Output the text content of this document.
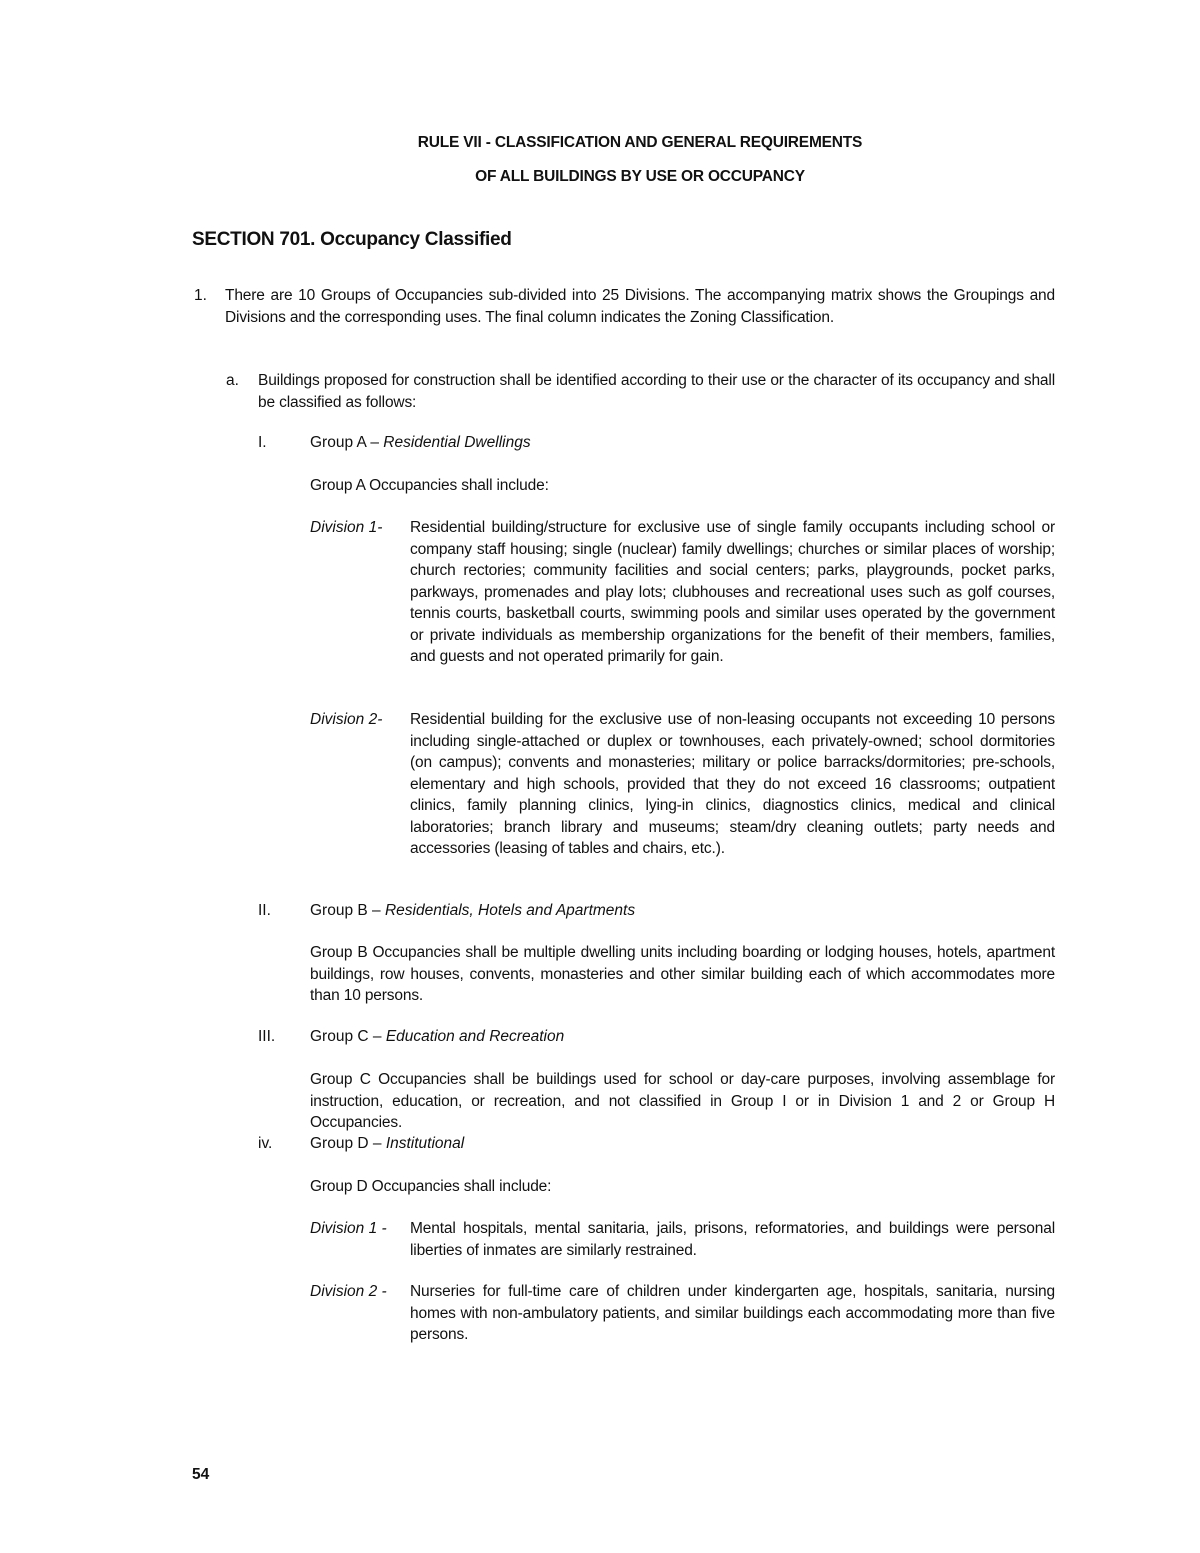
RULE VII - CLASSIFICATION AND GENERAL REQUIREMENTS
OF ALL BUILDINGS BY USE OR OCCUPANCY
SECTION 701. Occupancy Classified
1. There are 10 Groups of Occupancies sub-divided into 25 Divisions. The accompanying matrix shows the Groupings and Divisions and the corresponding uses. The final column indicates the Zoning Classification.
a. Buildings proposed for construction shall be identified according to their use or the character of its occupancy and shall be classified as follows:
I.	Group A – Residential Dwellings
Group A Occupancies shall include:
Division 1- Residential building/structure for exclusive use of single family occupants including school or company staff housing; single (nuclear) family dwellings; churches or similar places of worship; church rectories; community facilities and social centers; parks, playgrounds, pocket parks, parkways, promenades and play lots; clubhouses and recreational uses such as golf courses, tennis courts, basketball courts, swimming pools and similar uses operated by the government or private individuals as membership organizations for the benefit of their members, families, and guests and not operated primarily for gain.
Division 2- Residential building for the exclusive use of non-leasing occupants not exceeding 10 persons including single-attached or duplex or townhouses, each privately-owned; school dormitories (on campus); convents and monasteries; military or police barracks/dormitories; pre-schools, elementary and high schools, provided that they do not exceed 16 classrooms; outpatient clinics, family planning clinics, lying-in clinics, diagnostics clinics, medical and clinical laboratories; branch library and museums; steam/dry cleaning outlets; party needs and accessories (leasing of tables and chairs, etc.).
II.	Group B – Residentials, Hotels and Apartments
Group B Occupancies shall be multiple dwelling units including boarding or lodging houses, hotels, apartment buildings, row houses, convents, monasteries and other similar building each of which accommodates more than 10 persons.
III. Group C – Education and Recreation
Group C Occupancies shall be buildings used for school or day-care purposes, involving assemblage for instruction, education, or recreation, and not classified in Group I or in Division 1 and 2 or Group H Occupancies.
iv. Group D – Institutional
Group D Occupancies shall include:
Division 1 - Mental hospitals, mental sanitaria, jails, prisons, reformatories, and buildings were personal liberties of inmates are similarly restrained.
Division 2 - Nurseries for full-time care of children under kindergarten age, hospitals, sanitaria, nursing homes with non-ambulatory patients, and similar buildings each accommodating more than five persons.
54
